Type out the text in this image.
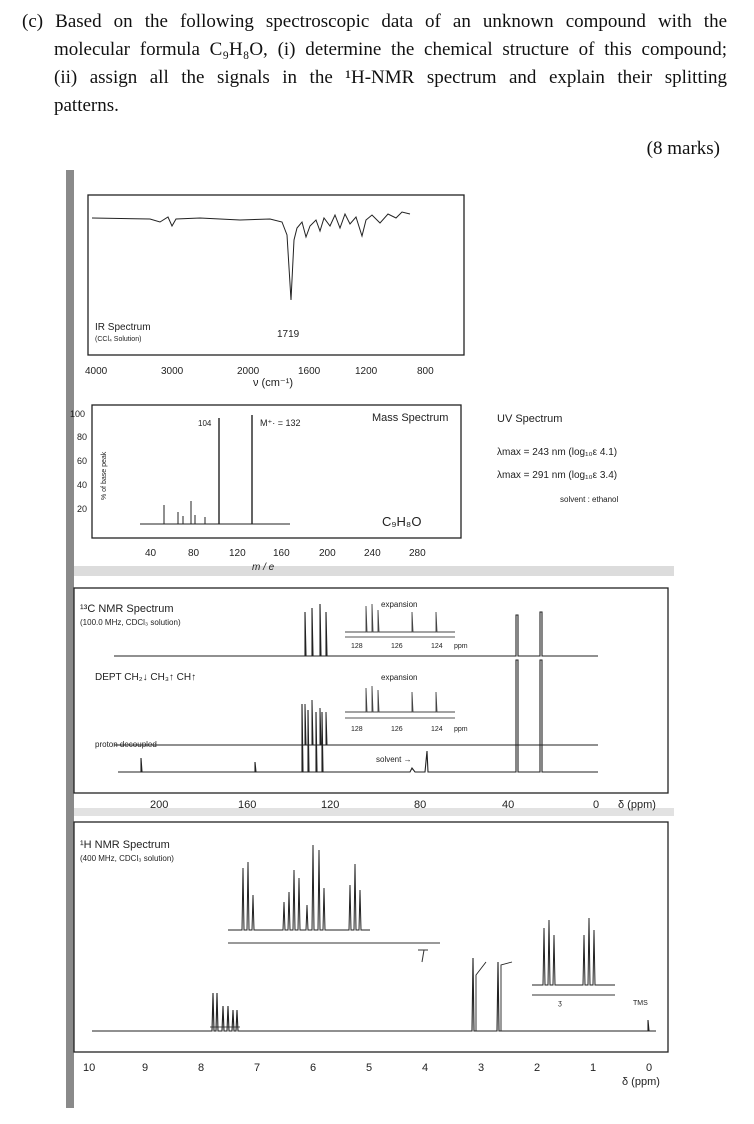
(c) Based on the following spectroscopic data of an unknown compound with the
molecular formula C₉H₈O, (i) determine the chemical structure of this compound;
(ii) assign all the signals in the ¹H-NMR spectrum and explain their splitting
patterns.
(8 marks)
IR Spectrum
(CCl₄ Solution)	1719
4000	3000	2000	1600	1200	800
ν (cm⁻¹)
100
80
60
40
20
% of base peak
104	M⁺· = 132	Mass Spectrum
C₉H₈O
40	80	120	160	200	240	280
m / e
UV Spectrum
λmax = 243 nm (log₁₀ε 4.1)
λmax = 291 nm (log₁₀ε 3.4)
solvent : ethanol
¹³C NMR Spectrum
(100.0 MHz, CDCl₃ solution)
expansion
128	126	124 ppm
DEPT CH₂↓ CH₃↑ CH↑	expansion
128	126	124 ppm
proton decoupled
solvent →
200	160	120	80	40	0 δ (ppm)
¹H NMR Spectrum
(400 MHz, CDCl₃ solution)
ʒ	TMS
10	9	8	7	6	5	4	3	2	1	0
δ (ppm)
